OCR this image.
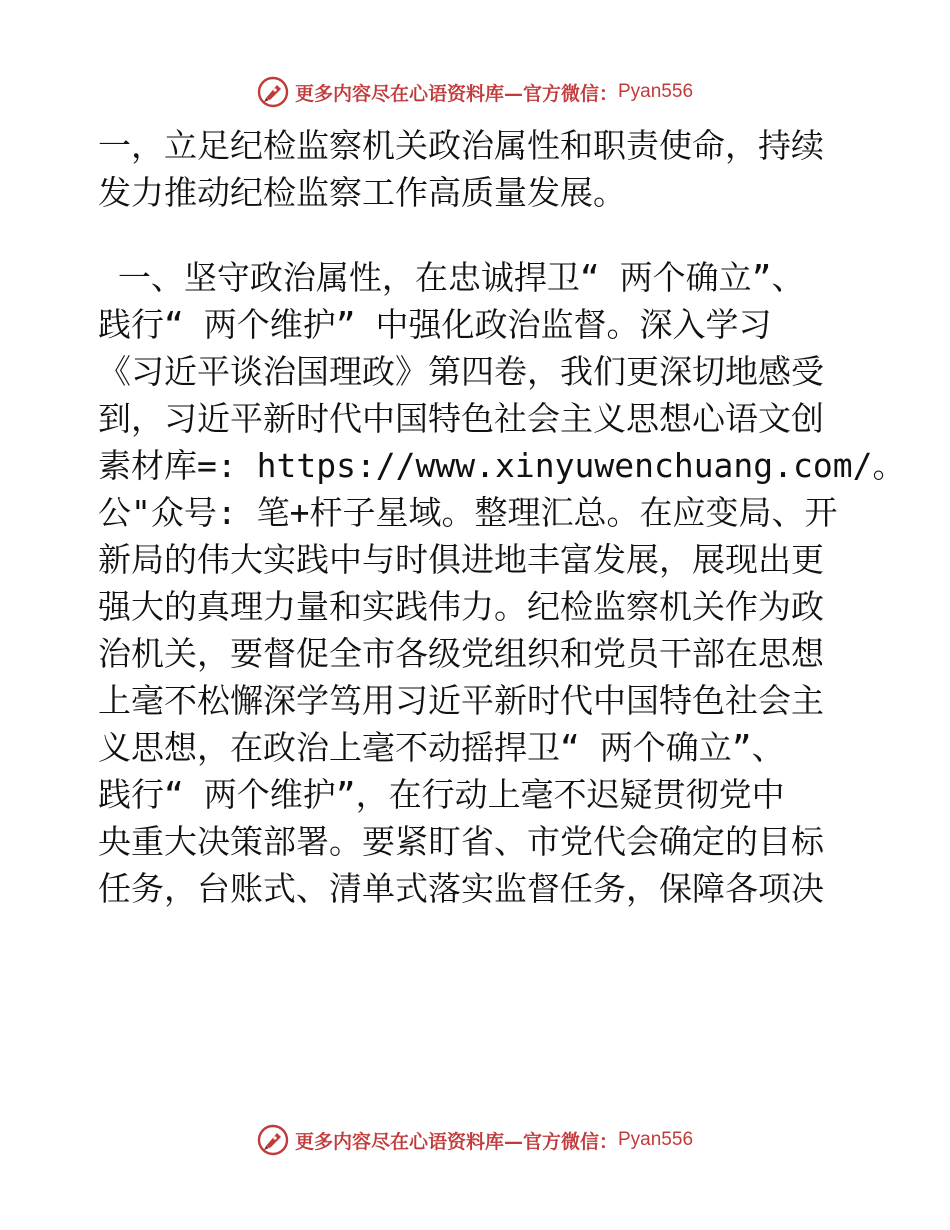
更多内容尽在心语资料库—官方微信： Pyan556
一，立足纪检监察机关政治属性和职责使命，持续
发力推动纪检监察工作高质量发展。
一、坚守政治属性，在忠诚捍卫“ 两个确立”、
践行“ 两个维护” 中强化政治监督。深入学习
《习近平谈治国理政》第四卷，我们更深切地感受
到，习近平新时代中国特色社会主义思想心语文创
素材库=: https://www.xinyuwenchuang.com/。
公"众号: 笔+杆子星域。整理汇总。在应变局、开
新局的伟大实践中与时俱进地丰富发展，展现出更
强大的真理力量和实践伟力。纪检监察机关作为政
治机关，要督促全市各级党组织和党员干部在思想
上毫不松懈深学笃用习近平新时代中国特色社会主
义思想，在政治上毫不动摇捍卫“ 两个确立”、
践行“ 两个维护”，在行动上毫不迟疑贯彻党中
央重大决策部署。要紧盯省、市党代会确定的目标
任务，台账式、清单式落实监督任务，保障各项决
更多内容尽在心语资料库—官方微信： Pyan556
